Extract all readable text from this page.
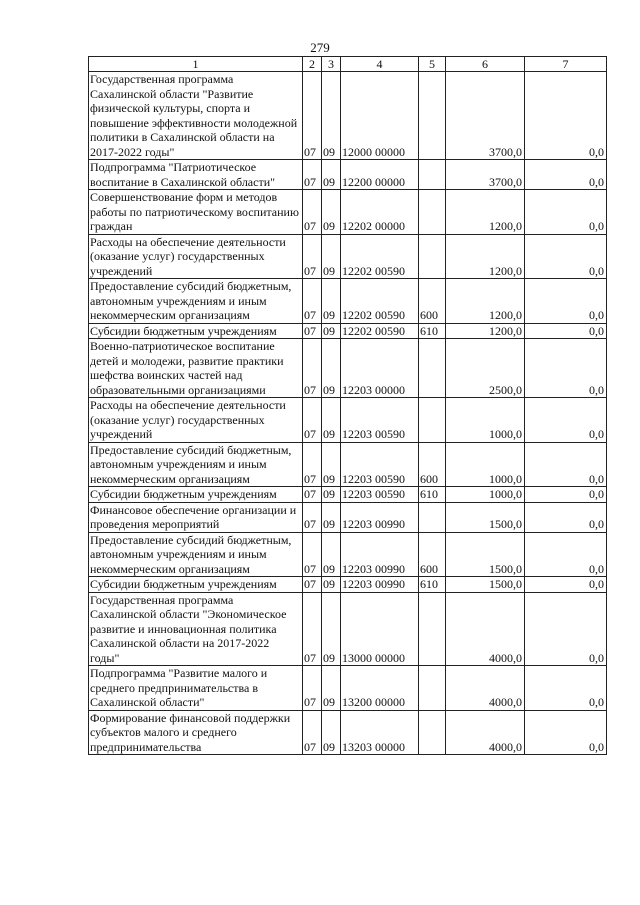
279
1	2	3	4	5	6	7
Государственная программа Сахалинской области "Развитие физической культуры, спорта и повышение эффективности молодежной политики в Сахалинской области на 2017-2022 годы"	07	09	12000 00000		3700,0	0,0
Подпрограмма "Патриотическое воспитание в Сахалинской области"	07	09	12200 00000		3700,0	0,0
Совершенствование форм и методов работы по патриотическому воспитанию граждан	07	09	12202 00000		1200,0	0,0
Расходы на обеспечение деятельности (оказание услуг) государственных учреждений	07	09	12202 00590		1200,0	0,0
Предоставление субсидий бюджетным, автономным учреждениям и иным некоммерческим организациям	07	09	12202 00590	600	1200,0	0,0
Субсидии бюджетным учреждениям	07	09	12202 00590	610	1200,0	0,0
Военно-патриотическое воспитание детей и молодежи, развитие практики шефства воинских частей над образовательными организациями	07	09	12203 00000		2500,0	0,0
Расходы на обеспечение деятельности (оказание услуг) государственных учреждений	07	09	12203 00590		1000,0	0,0
Предоставление субсидий бюджетным, автономным учреждениям и иным некоммерческим организациям	07	09	12203 00590	600	1000,0	0,0
Субсидии бюджетным учреждениям	07	09	12203 00590	610	1000,0	0,0
Финансовое обеспечение организации и проведения мероприятий	07	09	12203 00990		1500,0	0,0
Предоставление субсидий бюджетным, автономным учреждениям и иным некоммерческим организациям	07	09	12203 00990	600	1500,0	0,0
Субсидии бюджетным учреждениям	07	09	12203 00990	610	1500,0	0,0
Государственная программа Сахалинской области "Экономическое развитие и инновационная политика Сахалинской области на 2017-2022 годы"	07	09	13000 00000		4000,0	0,0
Подпрограмма "Развитие малого и среднего предпринимательства в Сахалинской области"	07	09	13200 00000		4000,0	0,0
Формирование финансовой поддержки субъектов малого и среднего предпринимательства	07	09	13203 00000		4000,0	0,0
